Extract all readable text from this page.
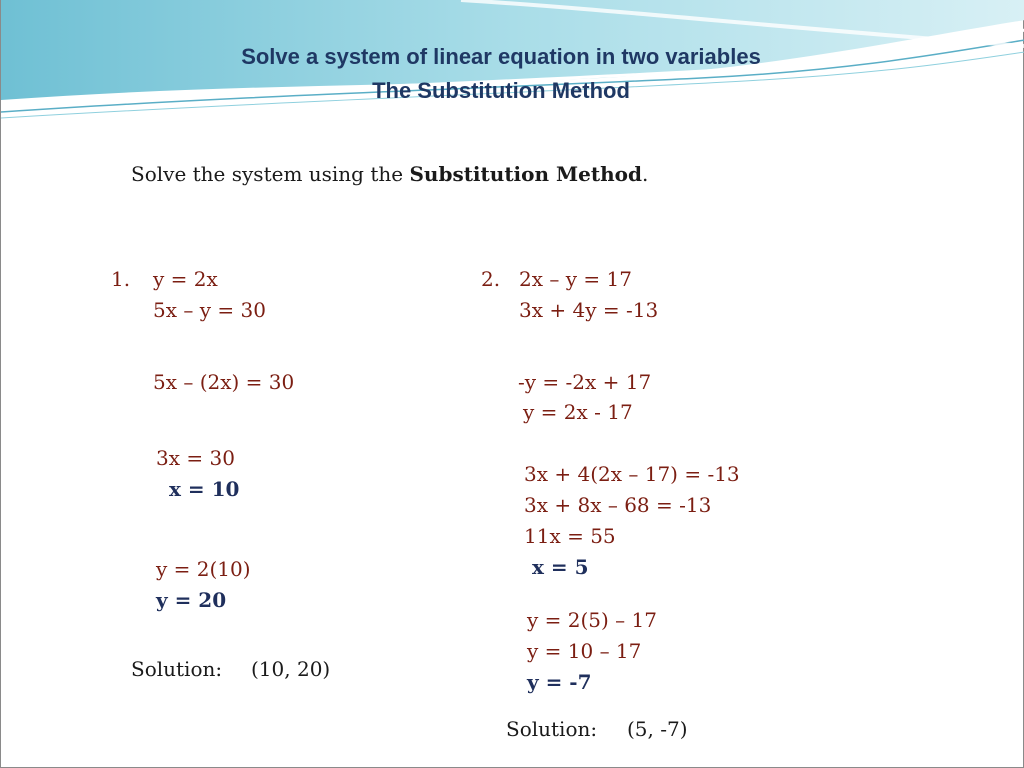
Solve a system of linear equation in two variables
The Substitution Method
Solve the system using the Substitution Method.
1. y = 2x
5x – y = 30
5x – (2x) = 30
3x = 30
x = 10
y = 2(10)
y = 20
Solution: (10, 20)
2. 2x – y = 17
3x + 4y = -13
-y = -2x + 17
y = 2x - 17
3x + 4(2x – 17) = -13
3x + 8x – 68 = -13
11x = 55
x = 5
y = 2(5) – 17
y = 10 – 17
y = -7
Solution: (5, -7)
